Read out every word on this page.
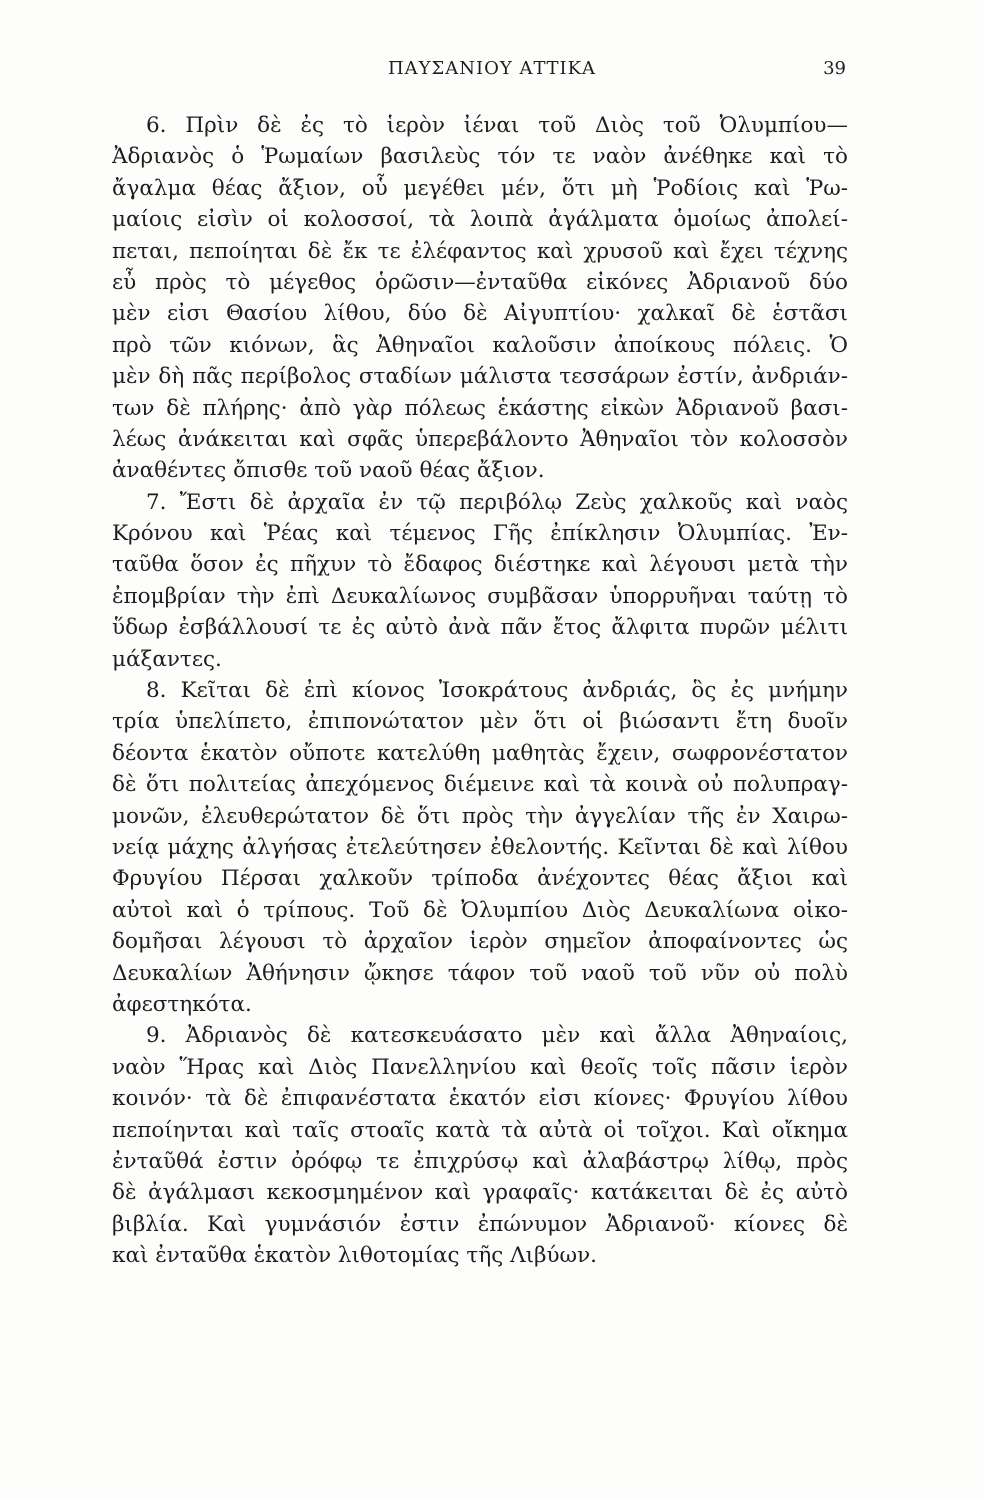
ΠΑΥΣΑΝΙΟΥ ΑΤΤΙΚΑ	39
6. Πρὶν δὲ ἐς τὸ ἱερὸν ἰέναι τοῦ Διὸς τοῦ Ὀλυμπίου—
Ἀδριανὸς ὁ Ῥωμαίων βασιλεὺς τόν τε ναὸν ἀνέθηκε καὶ τὸ
ἄγαλμα θέας ἄξιον, οὗ μεγέθει μέν, ὅτι μὴ Ῥοδίοις καὶ Ῥω-
μαίοις εἰσὶν οἱ κολοσσοί, τὰ λοιπὰ ἀγάλματα ὁμοίως ἀπολεί-
πεται, πεποίηται δὲ ἔκ τε ἐλέφαντος καὶ χρυσοῦ καὶ ἔχει τέχνης
εὖ πρὸς τὸ μέγεθος ὁρῶσιν—ἐνταῦθα εἰκόνες Ἀδριανοῦ δύο
μὲν εἰσι Θασίου λίθου, δύο δὲ Αἰγυπτίου· χαλκαῖ δὲ ἑστᾶσι
πρὸ τῶν κιόνων, ἃς Ἀθηναῖοι καλοῦσιν ἀποίκους πόλεις. Ὁ
μὲν δὴ πᾶς περίβολος σταδίων μάλιστα τεσσάρων ἐστίν, ἀνδριάν-
των δὲ πλήρης· ἀπὸ γὰρ πόλεως ἑκάστης εἰκὼν Ἀδριανοῦ βασι-
λέως ἀνάκειται καὶ σφᾶς ὑπερεβάλοντο Ἀθηναῖοι τὸν κολοσσὸν
ἀναθέντες ὄπισθε τοῦ ναοῦ θέας ἄξιον.
7. Ἔστι δὲ ἀρχαῖα ἐν τῷ περιβόλῳ Ζεὺς χαλκοῦς καὶ ναὸς
Κρόνου καὶ Ῥέας καὶ τέμενος Γῆς ἐπίκλησιν Ὀλυμπίας. Ἐν-
ταῦθα ὅσον ἐς πῆχυν τὸ ἔδαφος διέστηκε καὶ λέγουσι μετὰ τὴν
ἐπομβρίαν τὴν ἐπὶ Δευκαλίωνος συμβᾶσαν ὑπορρυῆναι ταύτῃ τὸ
ὕδωρ ἐσβάλλουσί τε ἐς αὐτὸ ἀνὰ πᾶν ἔτος ἄλφιτα πυρῶν μέλιτι
μάξαντες.
8. Κεῖται δὲ ἐπὶ κίονος Ἰσοκράτους ἀνδριάς, ὃς ἐς μνήμην
τρία ὑπελίπετο, ἐπιπονώτατον μὲν ὅτι οἱ βιώσαντι ἔτη δυοῖν
δέοντα ἑκατὸν οὔποτε κατελύθη μαθητὰς ἔχειν, σωφρονέστατον
δὲ ὅτι πολιτείας ἀπεχόμενος διέμεινε καὶ τὰ κοινὰ οὐ πολυπραγ-
μονῶν, ἐλευθερώτατον δὲ ὅτι πρὸς τὴν ἀγγελίαν τῆς ἐν Χαιρω-
νείᾳ μάχης ἀλγήσας ἐτελεύτησεν ἐθελοντής. Κεῖνται δὲ καὶ λίθου
Φρυγίου Πέρσαι χαλκοῦν τρίποδα ἀνέχοντες θέας ἄξιοι καὶ
αὐτοὶ καὶ ὁ τρίπους. Τοῦ δὲ Ὀλυμπίου Διὸς Δευκαλίωνα οἰκο-
δομῆσαι λέγουσι τὸ ἀρχαῖον ἱερὸν σημεῖον ἀποφαίνοντες ὡς
Δευκαλίων Ἀθήνησιν ᾤκησε τάφον τοῦ ναοῦ τοῦ νῦν οὐ πολὺ
ἀφεστηκότα.
9. Ἀδριανὸς δὲ κατεσκευάσατο μὲν καὶ ἄλλα Ἀθηναίοις,
ναὸν Ἥρας καὶ Διὸς Πανελληνίου καὶ θεοῖς τοῖς πᾶσιν ἱερὸν
κοινόν· τὰ δὲ ἐπιφανέστατα ἑκατόν εἰσι κίονες· Φρυγίου λίθου
πεποίηνται καὶ ταῖς στοαῖς κατὰ τὰ αὐτὰ οἱ τοῖχοι. Καὶ οἴκημα
ἐνταῦθά ἐστιν ὀρόφῳ τε ἐπιχρύσῳ καὶ ἀλαβάστρῳ λίθῳ, πρὸς
δὲ ἀγάλμασι κεκοσμημένον καὶ γραφαῖς· κατάκειται δὲ ἐς αὐτὸ
βιβλία. Καὶ γυμνάσιόν ἐστιν ἐπώνυμον Ἀδριανοῦ· κίονες δὲ
καὶ ἐνταῦθα ἑκατὸν λιθοτομίας τῆς Λιβύων.
